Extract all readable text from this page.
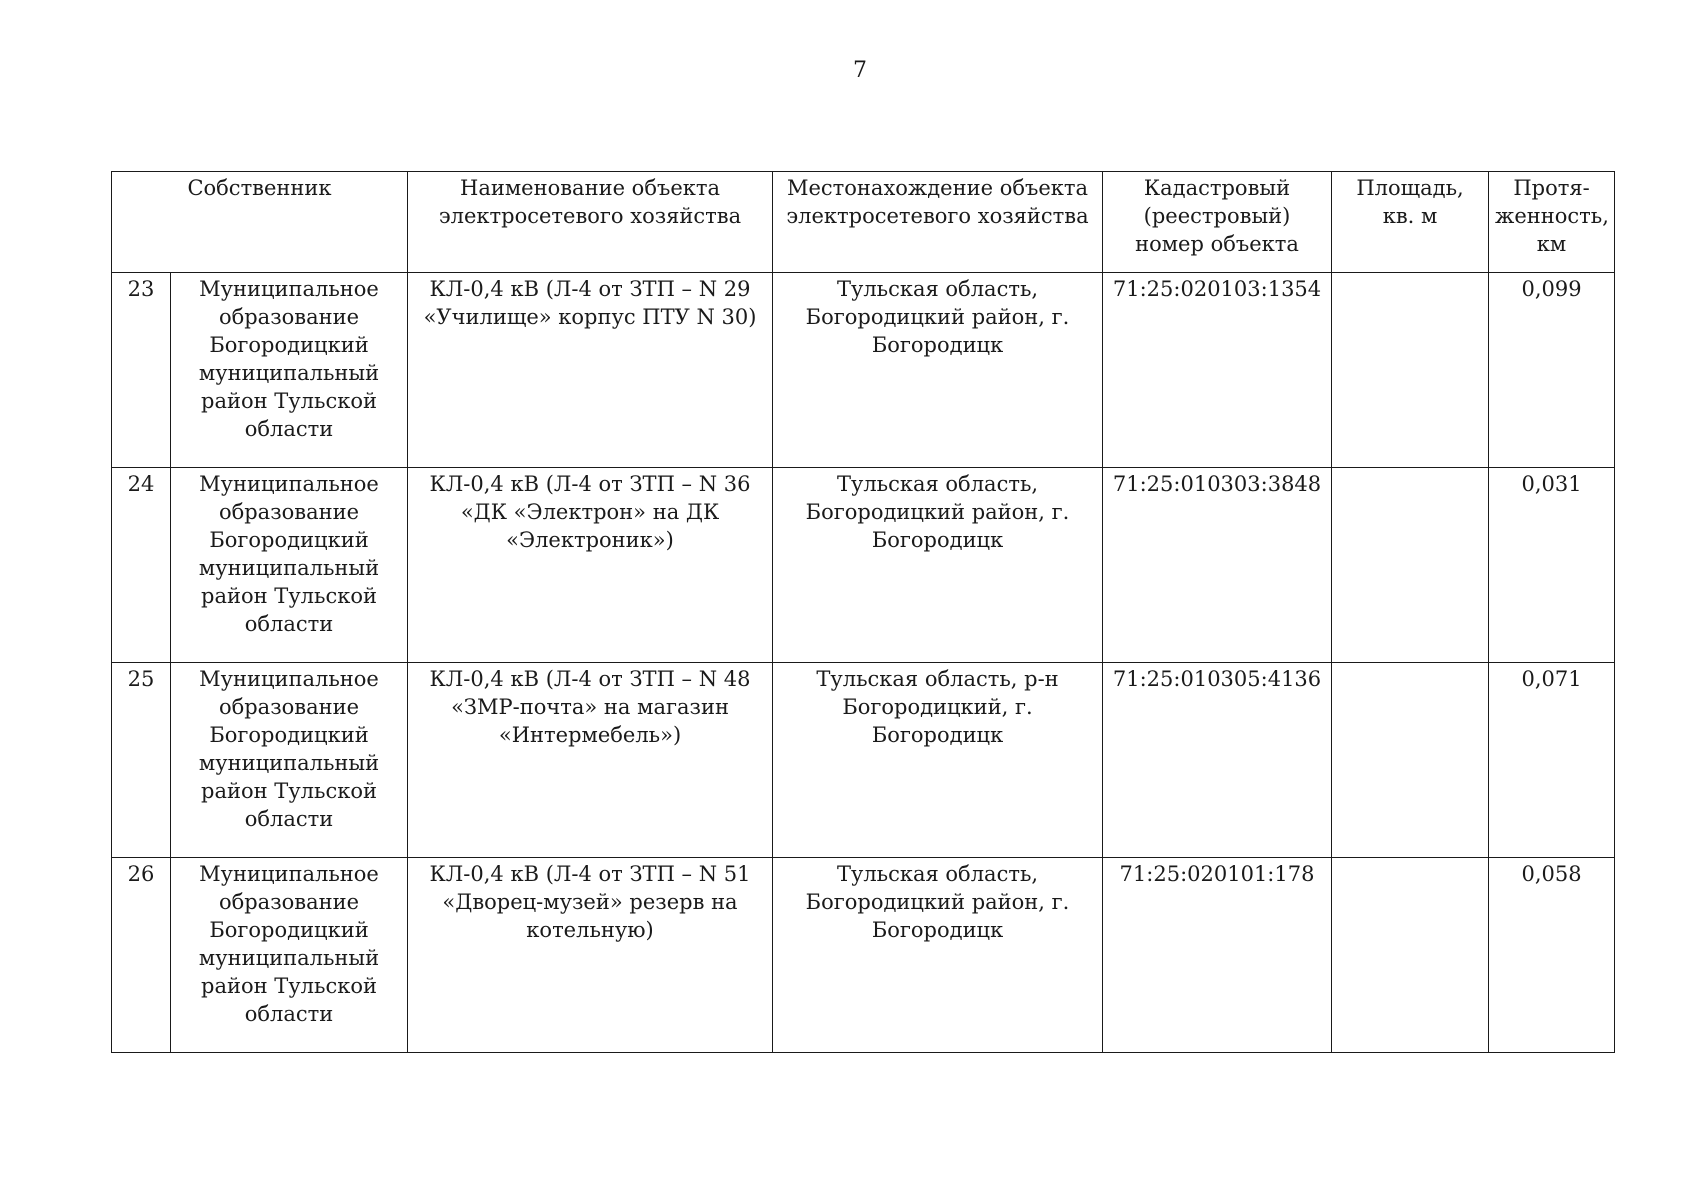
7
Собственник		Наименование объекта электросетевого хозяйства	Местонахождение объекта электросетевого хозяйства	Кадастровый (реестровый) номер объекта	Площадь, кв. м	Протя-женность, км
23	Муниципальное образование Богородицкий муниципальный район Тульской области	КЛ-0,4 кВ (Л-4 от ЗТП – N 29 «Училище» корпус ПТУ N 30)	Тульская область, Богородицкий район, г. Богородицк	71:25:020103:1354		0,099
24	Муниципальное образование Богородицкий муниципальный район Тульской области	КЛ-0,4 кВ (Л-4 от ЗТП – N 36 «ДК «Электрон» на ДК «Электроник»)	Тульская область, Богородицкий район, г. Богородицк	71:25:010303:3848		0,031
25	Муниципальное образование Богородицкий муниципальный район Тульской области	КЛ-0,4 кВ (Л-4 от ЗТП – N 48 «ЗМР-почта» на магазин «Интермебель»)	Тульская область, р-н Богородицкий, г. Богородицк	71:25:010305:4136		0,071
26	Муниципальное образование Богородицкий муниципальный район Тульской области	КЛ-0,4 кВ (Л-4 от ЗТП – N 51 «Дворец-музей» резерв на котельную)	Тульская область, Богородицкий район, г. Богородицк	71:25:020101:178		0,058
